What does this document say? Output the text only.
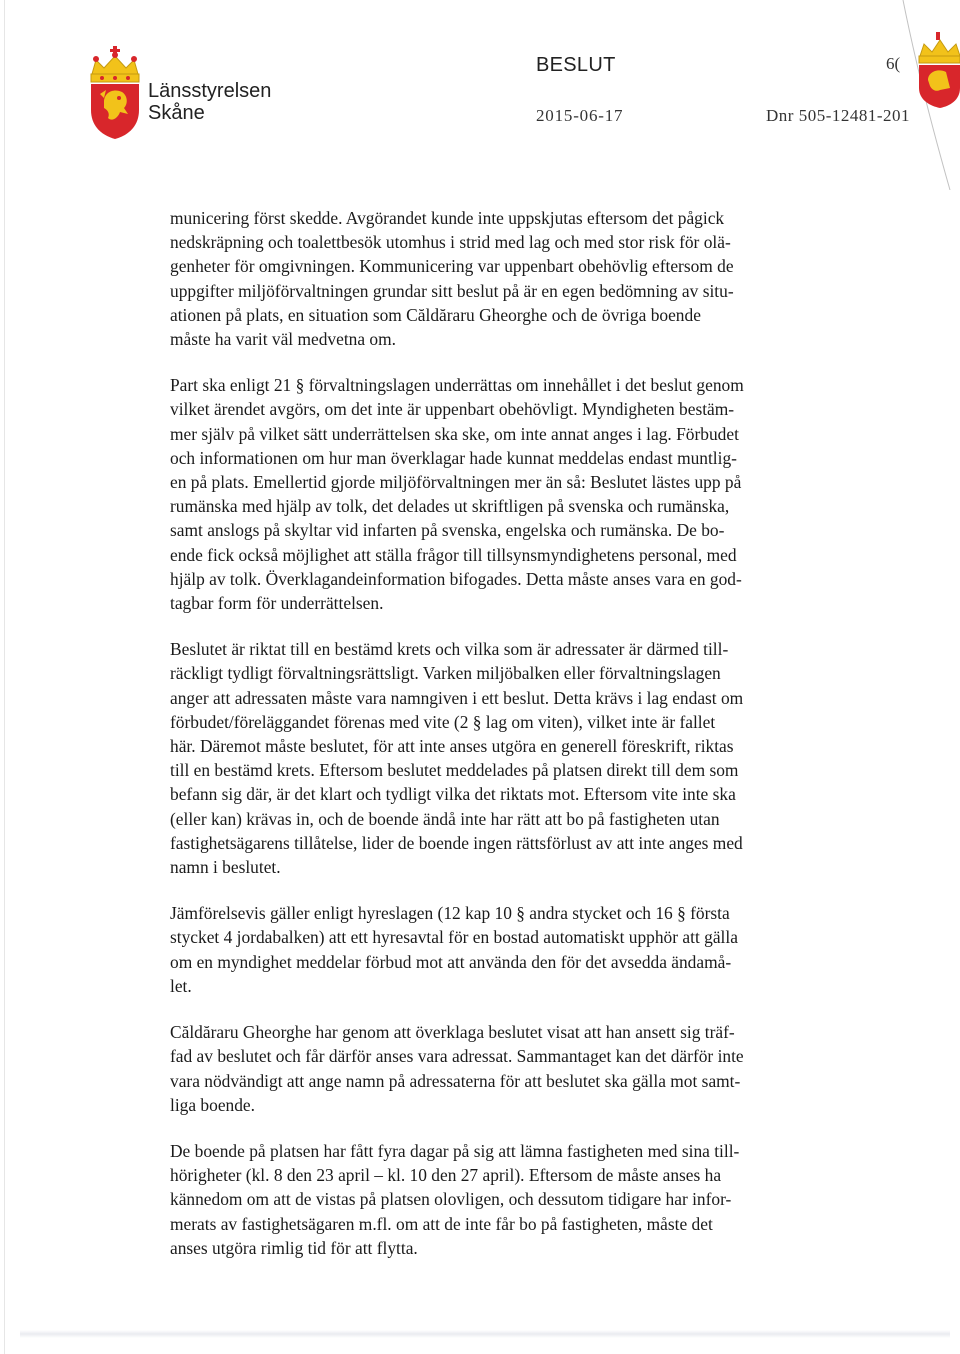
Länsstyrelsen
Skåne
BESLUT	6(
2015-06-17	Dnr 505-12481-201

municering först skedde. Avgörandet kunde inte uppskjutas eftersom det pågick

nedskräpning och toalettbesök utomhus i strid med lag och med stor risk för olä-

genheter för omgivningen. Kommunicering var uppenbart obehövlig eftersom de

uppgifter miljöförvaltningen grundar sitt beslut på är en egen bedömning av situ-

ationen på plats, en situation som Căldăraru Gheorghe och de övriga boende

måste ha varit väl medvetna om.

Part ska enligt 21 § förvaltningslagen underrättas om innehållet i det beslut genom

vilket ärendet avgörs, om det inte är uppenbart obehövligt. Myndigheten bestäm-

mer själv på vilket sätt underrättelsen ska ske, om inte annat anges i lag. Förbudet

och informationen om hur man överklagar hade kunnat meddelas endast muntlig-

en på plats. Emellertid gjorde miljöförvaltningen mer än så: Beslutet lästes upp på

rumänska med hjälp av tolk, det delades ut skriftligen på svenska och rumänska,

samt anslogs på skyltar vid infarten på svenska, engelska och rumänska. De bo-

ende fick också möjlighet att ställa frågor till tillsynsmyndighetens personal, med

hjälp av tolk. Överklagandeinformation bifogades. Detta måste anses vara en god-

tagbar form för underrättelsen.

Beslutet är riktat till en bestämd krets och vilka som är adressater är därmed till-

räckligt tydligt förvaltningsrättsligt. Varken miljöbalken eller förvaltningslagen

anger att adressaten måste vara namngiven i ett beslut. Detta krävs i lag endast om

förbudet/föreläggandet förenas med vite (2 § lag om viten), vilket inte är fallet

här. Däremot måste beslutet, för att inte anses utgöra en generell föreskrift, riktas

till en bestämd krets. Eftersom beslutet meddelades på platsen direkt till dem som

befann sig där, är det klart och tydligt vilka det riktats mot. Eftersom vite inte ska

(eller kan) krävas in, och de boende ändå inte har rätt att bo på fastigheten utan

fastighetsägarens tillåtelse, lider de boende ingen rättsförlust av att inte anges med

namn i beslutet.

Jämförelsevis gäller enligt hyreslagen (12 kap 10 § andra stycket och 16 § första

stycket 4 jordabalken) att ett hyresavtal för en bostad automatiskt upphör att gälla

om en myndighet meddelar förbud mot att använda den för det avsedda ändamå-

let.

Căldăraru Gheorghe har genom att överklaga beslutet visat att han ansett sig träf-

fad av beslutet och får därför anses vara adressat. Sammantaget kan det därför inte

vara nödvändigt att ange namn på adressaterna för att beslutet ska gälla mot samt-

liga boende.

De boende på platsen har fått fyra dagar på sig att lämna fastigheten med sina till-

hörigheter (kl. 8 den 23 april – kl. 10 den 27 april). Eftersom de måste anses ha

kännedom om att de vistas på platsen olovligen, och dessutom tidigare har infor-

merats av fastighetsägaren m.fl. om att de inte får bo på fastigheten, måste det

anses utgöra rimlig tid för att flytta.
